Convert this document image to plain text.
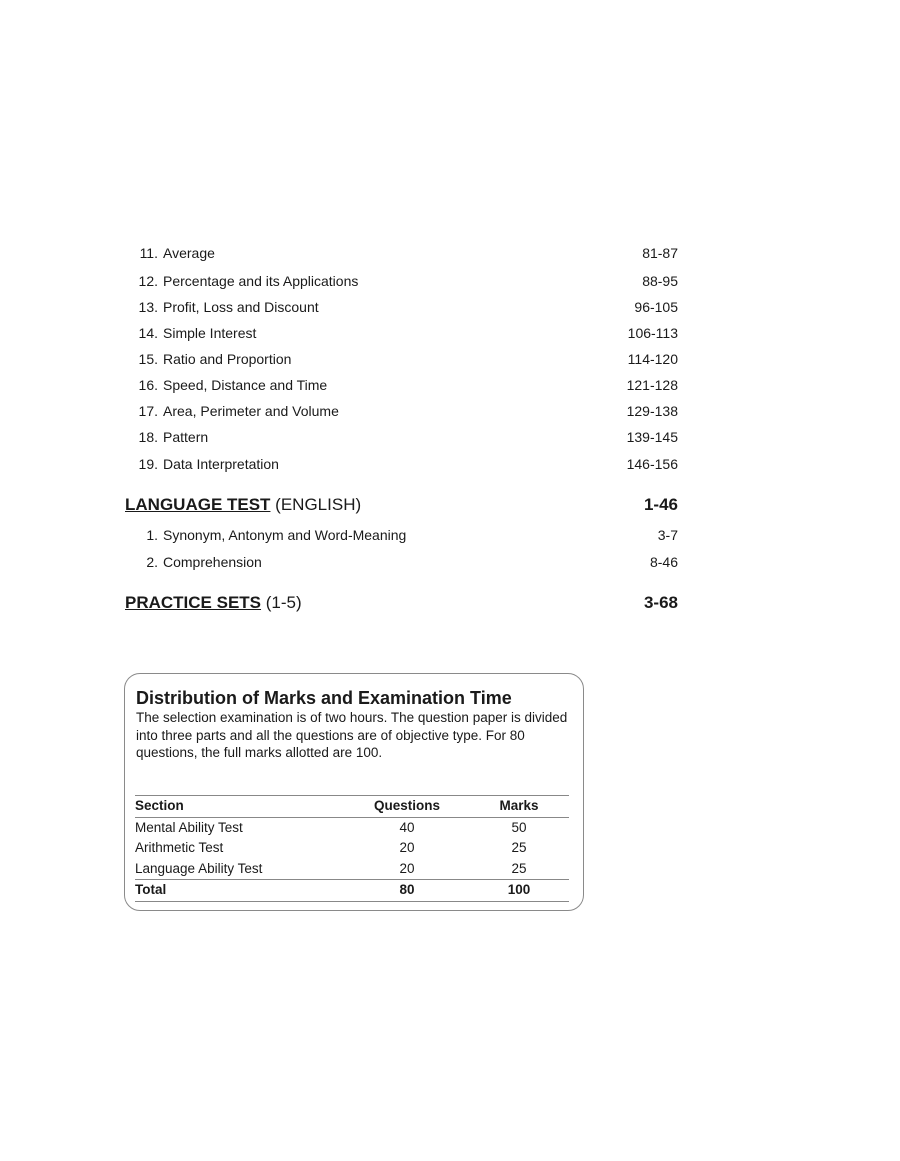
11. Average	81-87
12. Percentage and its Applications	88-95
13. Profit, Loss and Discount	96-105
14. Simple Interest	106-113
15. Ratio and Proportion	114-120
16. Speed, Distance and Time	121-128
17. Area, Perimeter and Volume	129-138
18. Pattern	139-145
19. Data Interpretation	146-156
LANGUAGE TEST (ENGLISH)	1-46
1. Synonym, Antonym and Word-Meaning	3-7
2. Comprehension	8-46
PRACTICE SETS (1-5)	3-68
Distribution of Marks and Examination Time
The selection examination is of two hours. The question paper is divided into three parts and all the questions are of objective type. For 80 questions, the full marks allotted are 100.
Section	Questions	Marks
Mental Ability Test	40	50
Arithmetic Test	20	25
Language Ability Test	20	25
Total	80	100
